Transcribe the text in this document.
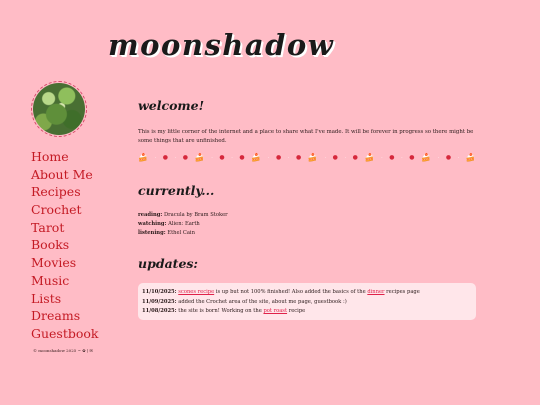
moonshadow
Home
About Me
Recipes
Crochet
Tarot
Books
Movies
Music
Lists
Dreams
Guestbook
© moonshadow 2025 ~ ✿ | ✉
welcome!

This is my little corner of the internet and a place to share what I've made. It will be forever in progress so there might be some things that are unfinished.

🍰 · ● · ● 🍰 · ● · ● 🍰 · ● · ● 🍰 · ● · ● 🍰 · ● · ● 🍰 · ● · 🍰
currently...
reading: Dracula by Bram Stoker
watching: Alien: Earth
listening: Ethel Cain
updates:
11/10/2025: scones recipe is up but not 100% finished! Also added the basics of the dinner recipes page
11/09/2025: added the Crochet area of the site, about me page, guestbook :)
11/08/2025: the site is born! Working on the pot roast recipe
